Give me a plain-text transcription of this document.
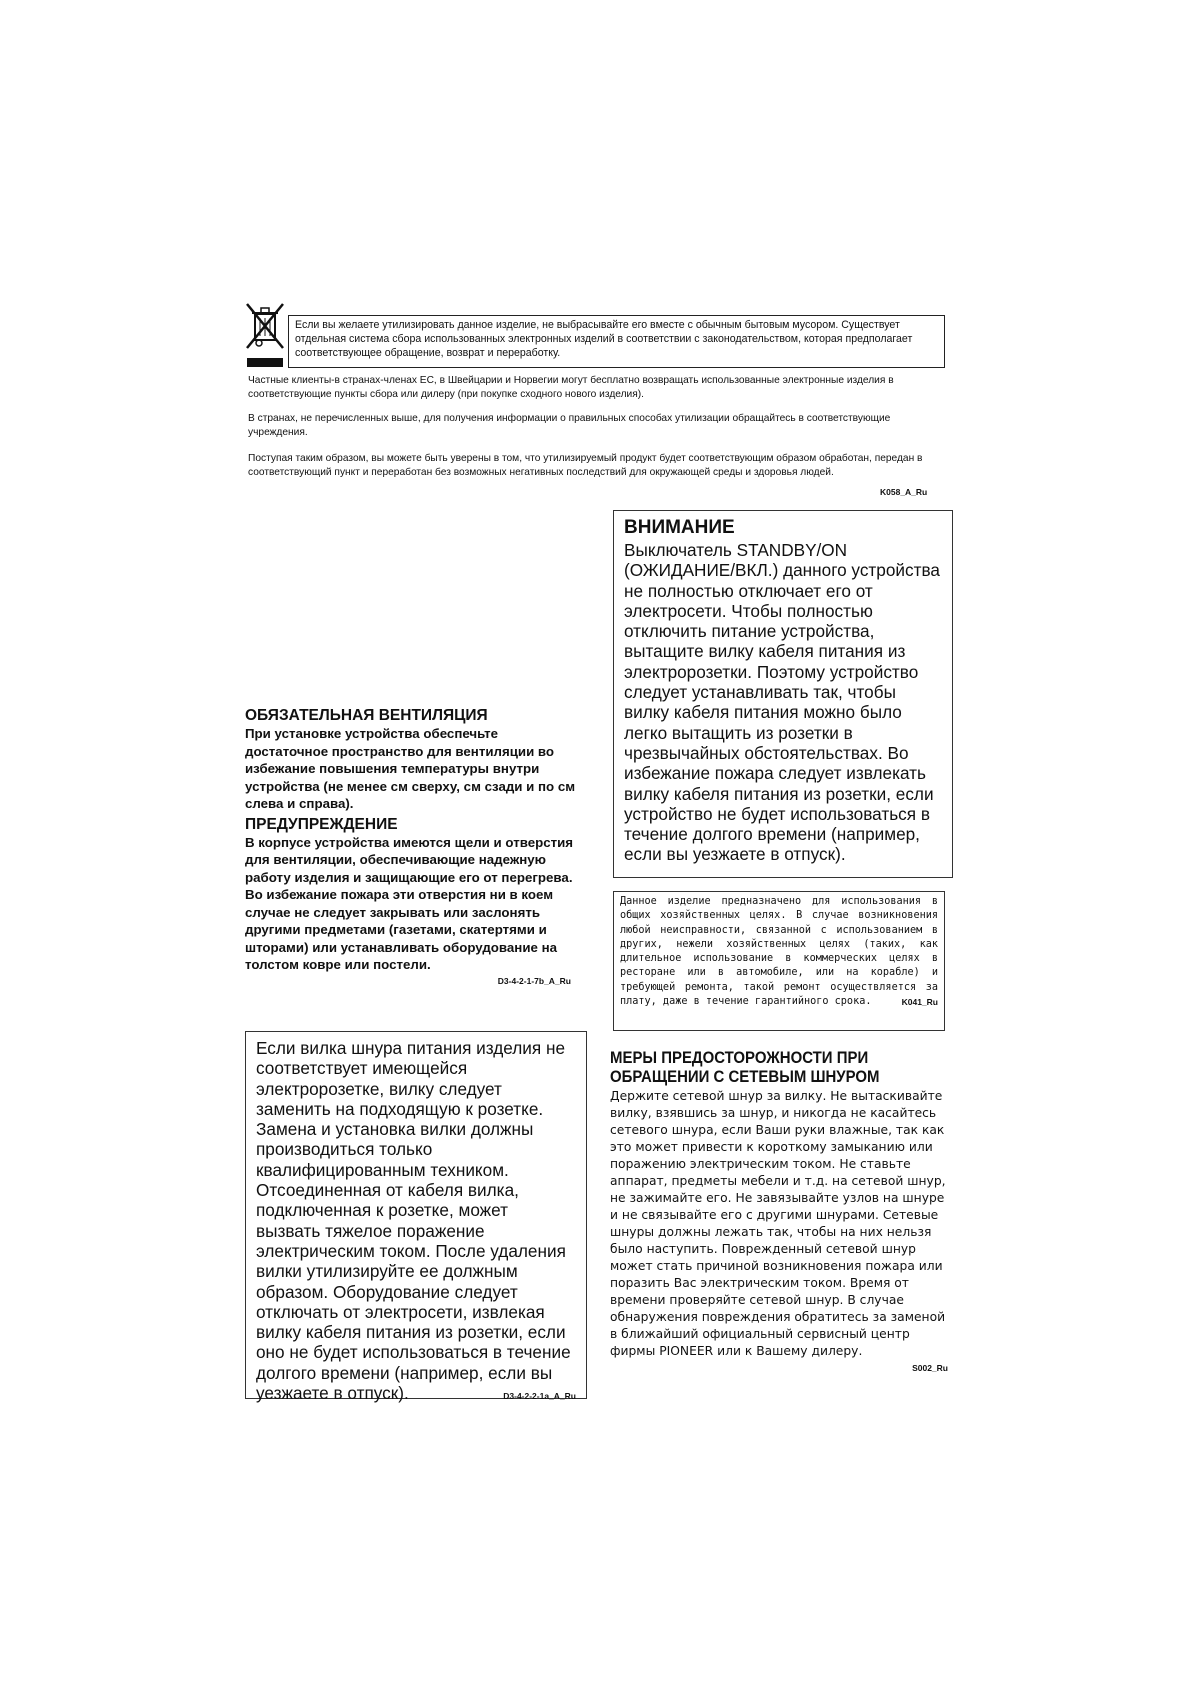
Если вы желаете утилизировать данное изделие, не выбрасывайте его вместе с обычным бытовым мусором. Существует отдельная система сбора использованных электронных изделий в соответствии с законодательством, которая предполагает соответствующее обращение, возврат и переработку.

Частные клиенты-в странах-членах ЕС, в Швейцарии и Норвегии могут бесплатно возвращать использованные электронные изделия в соответствующие пункты сбора или дилеру (при покупке сходного нового изделия).

В странах, не перечисленных выше, для получения информации о правильных способах утилизации обращайтесь в соответствующие учреждения.

Поступая таким образом, вы можете быть уверены в том, что утилизируемый продукт будет соответствующим образом обработан, передан в соответствующий пункт и переработан без возможных негативных последствий для окружающей среды и здоровья людей.

K058_A_Ru

ВНИМАНИЕ

Выключатель STANDBY/ON (ОЖИДАНИЕ/ВКЛ.) данного устройства не полностью отключает его от электросети. Чтобы полностью отключить питание устройства, вытащите вилку кабеля питания из электророзетки. Поэтому устройство следует устанавливать так, чтобы вилку кабеля питания можно было легко вытащить из розетки в чрезвычайных обстоятельствах. Во избежание пожара следует извлекать вилку кабеля питания из розетки, если устройство не будет использоваться в течение долгого времени (например, если вы уезжаете в отпуск).

ОБЯЗАТЕЛЬНАЯ ВЕНТИЛЯЦИЯ

При установке устройства обеспечьте достаточное пространство для вентиляции во избежание повышения температуры внутри устройства (не менее см сверху, см сзади и по см слева и справа).

ПРЕДУПРЕЖДЕНИЕ

В корпусе устройства имеются щели и отверстия для вентиляции, обеспечивающие надежную работу изделия и защищающие его от перегрева. Во избежание пожара эти отверстия ни в коем случае не следует закрывать или заслонять другими предметами (газетами, скатертями и шторами) или устанавливать оборудование на толстом ковре или постели.

D3-4-2-1-7b_A_Ru

Данное изделие предназначено для использования в общих хозяйственных целях. В случае возникновения любой неисправности, связанной с использованием в других, нежели хозяйственных целях (таких, как длительное использование в коммерческих целях в ресторане или в автомобиле, или на корабле) и требующей ремонта, такой ремонт осуществляется за плату, даже в течение гарантийного срока.	K041_Ru

Если вилка шнура питания изделия не соответствует имеющейся электророзетке, вилку следует заменить на подходящую к розетке. Замена и установка вилки должны производиться только квалифицированным техником. Отсоединенная от кабеля вилка, подключенная к розетке, может вызвать тяжелое поражение электрическим током. После удаления вилки утилизируйте ее должным образом. Оборудование следует отключать от электросети, извлекая вилку кабеля питания из розетки, если оно не будет использоваться в течение долгого времени (например, если вы уезжаете в отпуск).	D3-4-2-2-1a_A_Ru

МЕРЫ ПРЕДОСТОРОЖНОСТИ ПРИ
ОБРАЩЕНИИ С СЕТЕВЫМ ШНУРОМ

Держите сетевой шнур за вилку. Не вытаскивайте вилку, взявшись за шнур, и никогда не касайтесь сетевого шнура, если Ваши руки влажные, так как это может привести к короткому замыканию или поражению электрическим током. Не ставьте аппарат, предметы мебели и т.д. на сетевой шнур, не зажимайте его. Не завязывайте узлов на шнуре и не связывайте его с другими шнурами. Сетевые шнуры должны лежать так, чтобы на них нельзя было наступить. Поврежденный сетевой шнур может стать причиной возникновения пожара или поразить Вас электрическим током. Время от времени проверяйте сетевой шнур. В случае обнаружения повреждения обратитесь за заменой в ближайший официальный сервисный центр фирмы PIONEER или к Вашему дилеру.

S002_Ru
